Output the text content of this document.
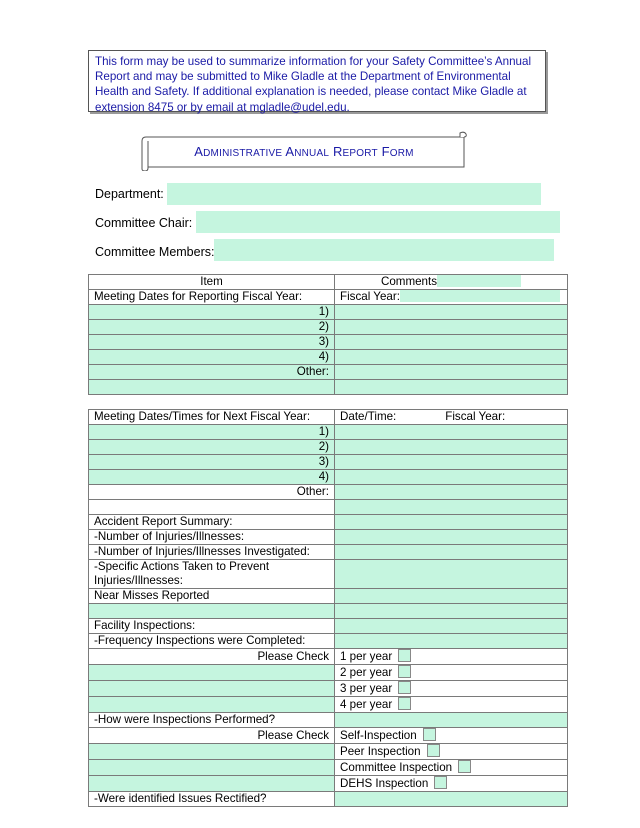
This form may be used to summarize information for your Safety Committee’s Annual Report and may be submitted to Mike Gladle at the Department of Environmental Health and Safety. If additional explanation is needed, please contact Mike Gladle at extension 8475 or by email at mgladle@udel.edu.
ADMINISTRATIVE ANNUAL REPORT FORM
Department:
Committee Chair:
Committee Members:
Item	Comments
Meeting Dates for Reporting Fiscal Year:	Fiscal Year:
1)	
2)	
3)	
4)	
Other:	

Meeting Dates/Times for Next Fiscal Year:	Date/Time: Fiscal Year:
1)	
2)	
3)	
4)	
Other:	

Accident Report Summary:	
-Number of Injuries/Illnesses:	
-Number of Injuries/Illnesses Investigated:	

-Specific Actions Taken to Prevent
Injuries/Illnesses:	

Near Misses Reported	

Facility Inspections:	
-Frequency Inspections were Completed:	
Please Check	1 per year
	2 per year
	3 per year
	4 per year
-How were Inspections Performed?	
Please Check	Self-Inspection
	Peer Inspection
	Committee Inspection
	DEHS Inspection
-Were identified Issues Rectified?	
